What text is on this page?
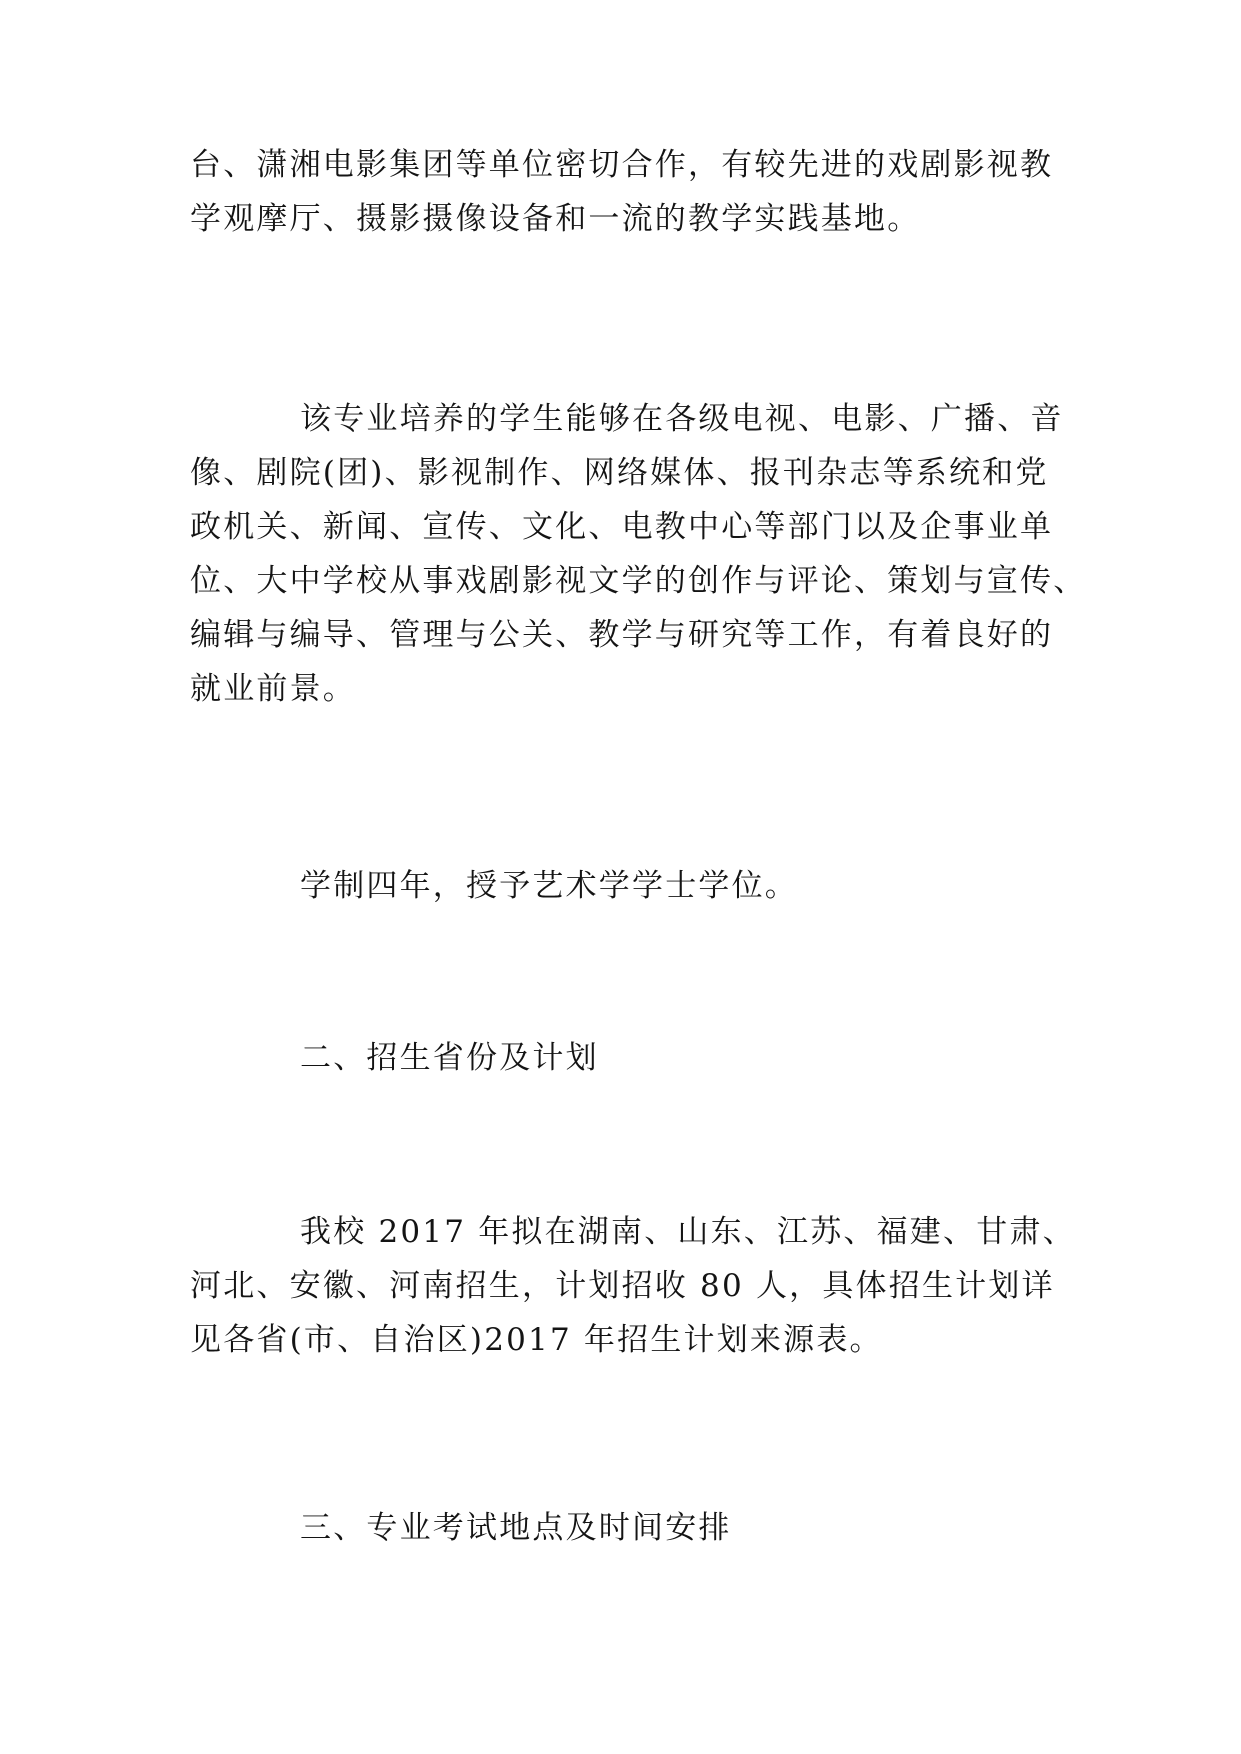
台、潇湘电影集团等单位密切合作，有较先进的戏剧影视教
学观摩厅、摄影摄像设备和一流的教学实践基地。
该专业培养的学生能够在各级电视、电影、广播、音
像、剧院(团)、影视制作、网络媒体、报刊杂志等系统和党
政机关、新闻、宣传、文化、电教中心等部门以及企事业单
位、大中学校从事戏剧影视文学的创作与评论、策划与宣传、
编辑与编导、管理与公关、教学与研究等工作，有着良好的
就业前景。

学制四年，授予艺术学学士学位。

二、招生省份及计划

我校 2017 年拟在湖南、山东、江苏、福建、甘肃、
河北、安徽、河南招生，计划招收 80 人，具体招生计划详
见各省(市、自治区)2017 年招生计划来源表。

三、专业考试地点及时间安排
